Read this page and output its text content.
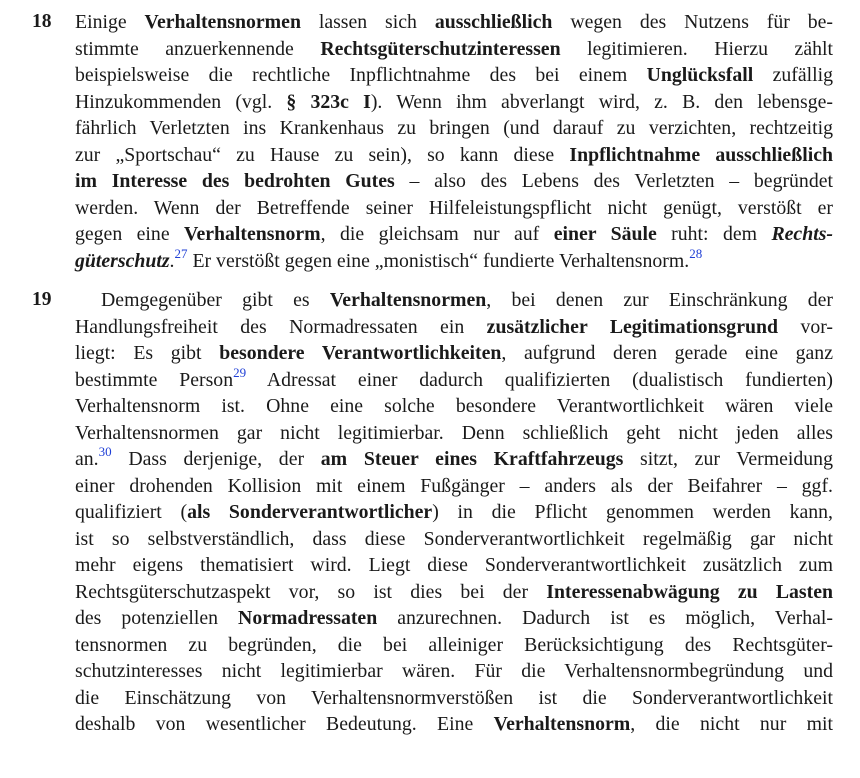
18 Einige Verhaltensnormen lassen sich ausschließlich wegen des Nutzens für be-
stimmte anzuerkennende Rechtsgüterschutzinteressen legitimieren. Hierzu zählt
beispielsweise die rechtliche Inpflichtnahme des bei einem Unglücksfall zufällig
Hinzukommenden (vgl. § 323c I). Wenn ihm abverlangt wird, z. B. den lebensge-
fährlich Verletzten ins Krankenhaus zu bringen (und darauf zu verzichten, rechtzeitig
zur „Sportschau“ zu Hause zu sein), so kann diese Inpflichtnahme ausschließlich
im Interesse des bedrohten Gutes – also des Lebens des Verletzten – begründet
werden. Wenn der Betreffende seiner Hilfeleistungspflicht nicht genügt, verstößt er
gegen eine Verhaltensnorm, die gleichsam nur auf einer Säule ruht: dem Rechts-
güterschutz.$^{27}$ Er verstößt gegen eine „monistisch“ fundierte Verhaltensnorm.$^{28}$
19	Demgegenüber gibt es Verhaltensnormen, bei denen zur Einschränkung der
Handlungsfreiheit des Normadressaten ein zusätzlicher Legitimationsgrund vor-
liegt: Es gibt besondere Verantwortlichkeiten, aufgrund deren gerade eine ganz
bestimmte Person$^{29}$ Adressat einer dadurch qualifizierten (dualistisch fundierten)
Verhaltensnorm ist. Ohne eine solche besondere Verantwortlichkeit wären viele
Verhaltensnormen gar nicht legitimierbar. Denn schließlich geht nicht jeden alles
an.$^{30}$ Dass derjenige, der am Steuer eines Kraftfahrzeugs sitzt, zur Vermeidung
einer drohenden Kollision mit einem Fußgänger – anders als der Beifahrer – ggf.
qualifiziert (als Sonderverantwortlicher) in die Pflicht genommen werden kann,
ist so selbstverständlich, dass diese Sonderverantwortlichkeit regelmäßig gar nicht
mehr eigens thematisiert wird. Liegt diese Sonderverantwortlichkeit zusätzlich zum
Rechtsgüterschutzaspekt vor, so ist dies bei der Interessenabwägung zu Lasten
des potenziellen Normadressaten anzurechnen. Dadurch ist es möglich, Verhal-
tensnormen zu begründen, die bei alleiniger Berücksichtigung des Rechtsgüter-
schutzinteresses nicht legitimierbar wären. Für die Verhaltensnormbegründung und
die Einschätzung von Verhaltensnormverstößen ist die Sonderverantwortlichkeit
deshalb von wesentlicher Bedeutung. Eine Verhaltensnorm, die nicht nur mit
